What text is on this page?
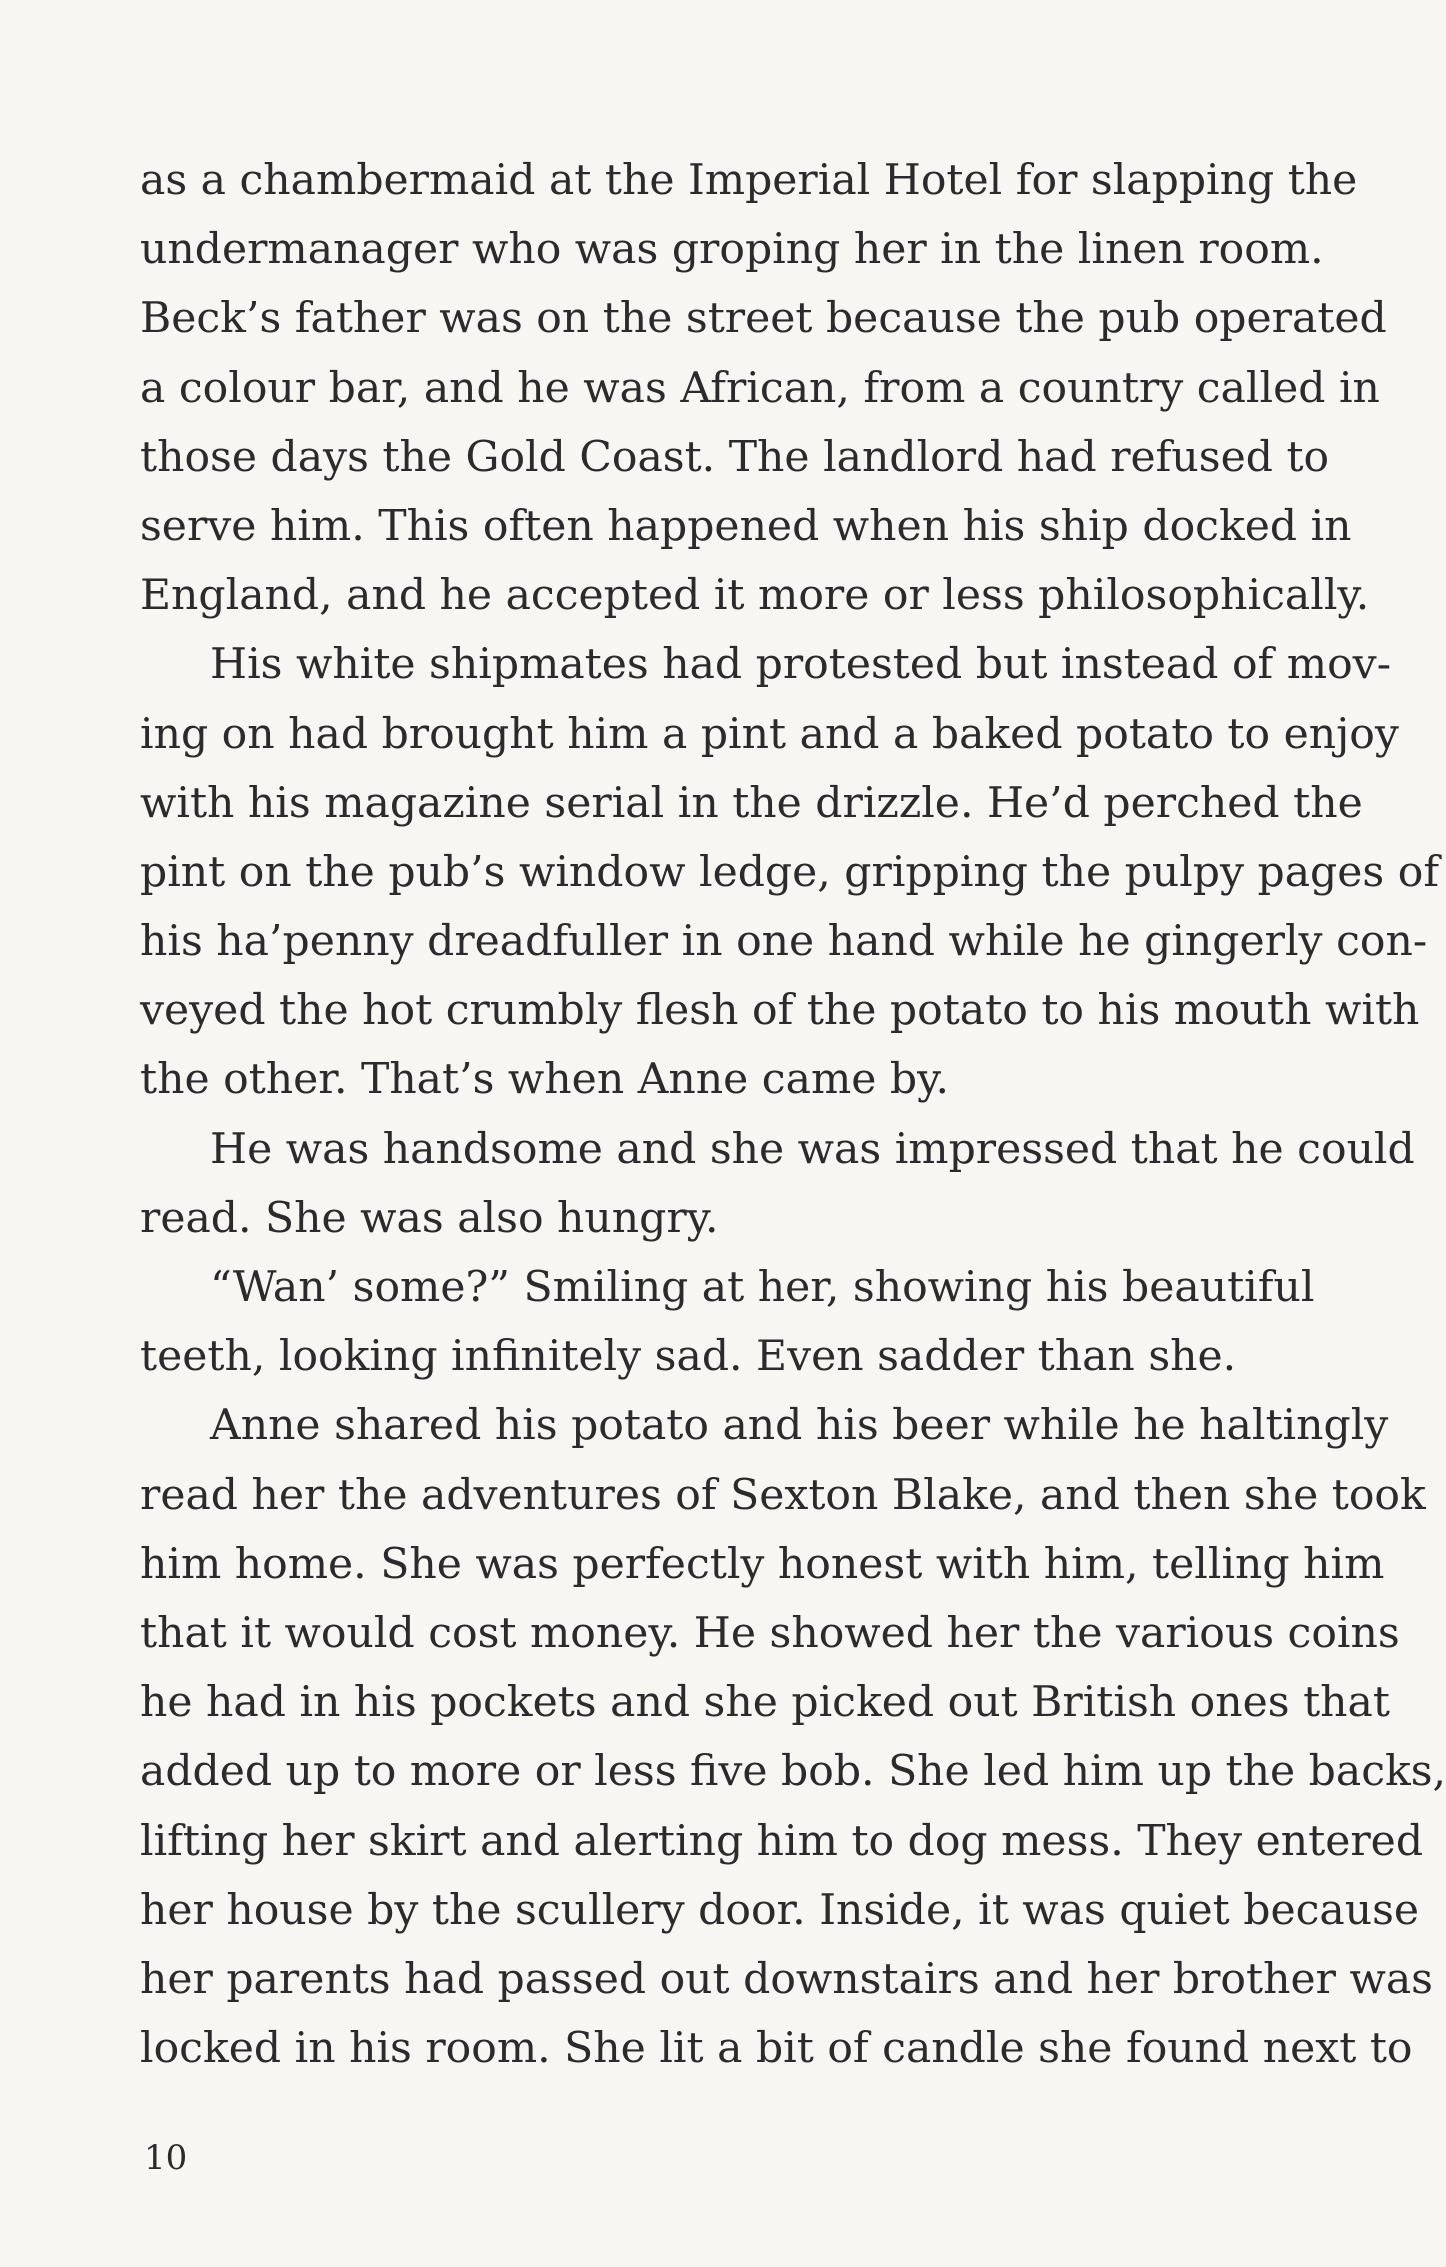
as a chambermaid at the Imperial Hotel for slapping the
undermanager who was groping her in the linen room.
Beck’s father was on the street because the pub operated
a colour bar, and he was African, from a country called in
those days the Gold Coast. The landlord had refused to
serve him. This often happened when his ship docked in
England, and he accepted it more or less philosophically.
His white shipmates had protested but instead of mov-
ing on had brought him a pint and a baked potato to enjoy
with his magazine serial in the drizzle. He’d perched the
pint on the pub’s window ledge, gripping the pulpy pages of
his ha’penny dreadfuller in one hand while he gingerly con-
veyed the hot crumbly flesh of the potato to his mouth with
the other. That’s when Anne came by.
He was handsome and she was impressed that he could
read. She was also hungry.
“Wan’ some?” Smiling at her, showing his beautiful
teeth, looking infinitely sad. Even sadder than she.
Anne shared his potato and his beer while he haltingly
read her the adventures of Sexton Blake, and then she took
him home. She was perfectly honest with him, telling him
that it would cost money. He showed her the various coins
he had in his pockets and she picked out British ones that
added up to more or less five bob. She led him up the backs,
lifting her skirt and alerting him to dog mess. They entered
her house by the scullery door. Inside, it was quiet because
her parents had passed out downstairs and her brother was
locked in his room. She lit a bit of candle she found next to
10
